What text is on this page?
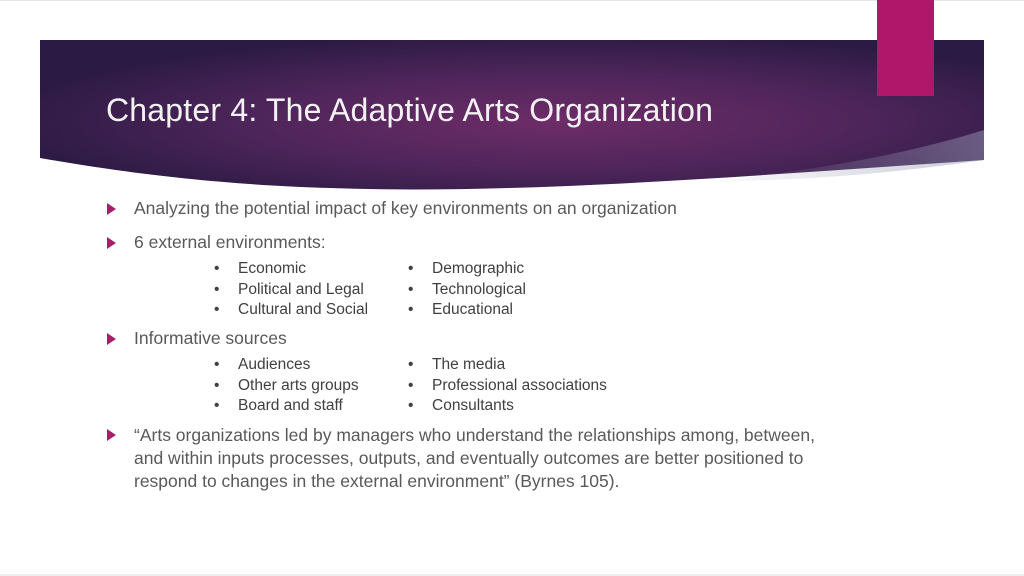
Chapter 4: The Adaptive Arts Organization
Analyzing the potential impact of key environments on an organization
6 external environments:
• Economic
• Political and Legal
• Cultural and Social
• Demographic
• Technological
• Educational
Informative sources
• Audiences
• Other arts groups
• Board and staff
• The media
• Professional associations
• Consultants
“Arts organizations led by managers who understand the relationships among, between, and within inputs processes, outputs, and eventually outcomes are better positioned to respond to changes in the external environment” (Byrnes 105).
